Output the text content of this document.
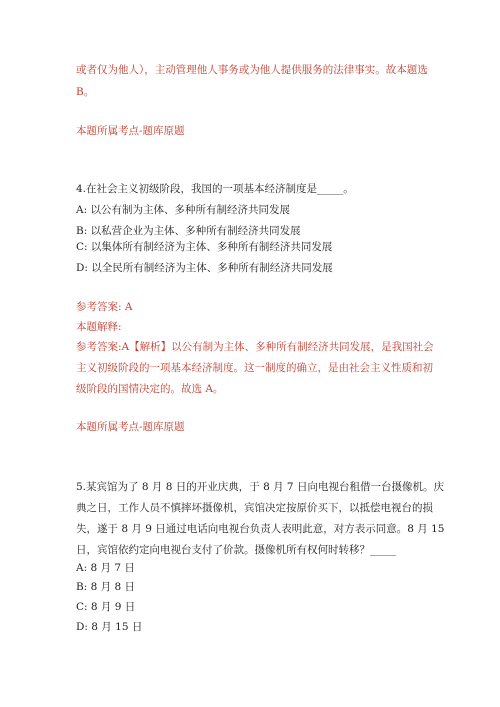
或者仅为他人），主动管理他人事务或为他人提供服务的法律事实。故本题选
B。
本题所属考点-题库原题
4.在社会主义初级阶段，我国的一项基本经济制度是_____。
A: 以公有制为主体、多种所有制经济共同发展
B: 以私营企业为主体、多种所有制经济共同发展
C: 以集体所有制经济为主体、多种所有制经济共同发展
D: 以全民所有制经济为主体、多种所有制经济共同发展
参考答案: A
本题解释:
参考答案:A【解析】以公有制为主体、多种所有制经济共同发展，是我国社会
主义初级阶段的一项基本经济制度。这一制度的确立，是由社会主义性质和初
级阶段的国情决定的。故选 A。
本题所属考点-题库原题
5.某宾馆为了 8 月 8 日的开业庆典，于 8 月 7 日向电视台租借一台摄像机。庆
典之日，工作人员不慎摔坏摄像机，宾馆决定按原价买下，以抵偿电视台的损
失，遂于 8 月 9 日通过电话向电视台负责人表明此意，对方表示同意。8 月 15
日，宾馆依约定向电视台支付了价款。摄像机所有权何时转移？_____
A: 8 月 7 日
B: 8 月 8 日
C: 8 月 9 日
D: 8 月 15 日
